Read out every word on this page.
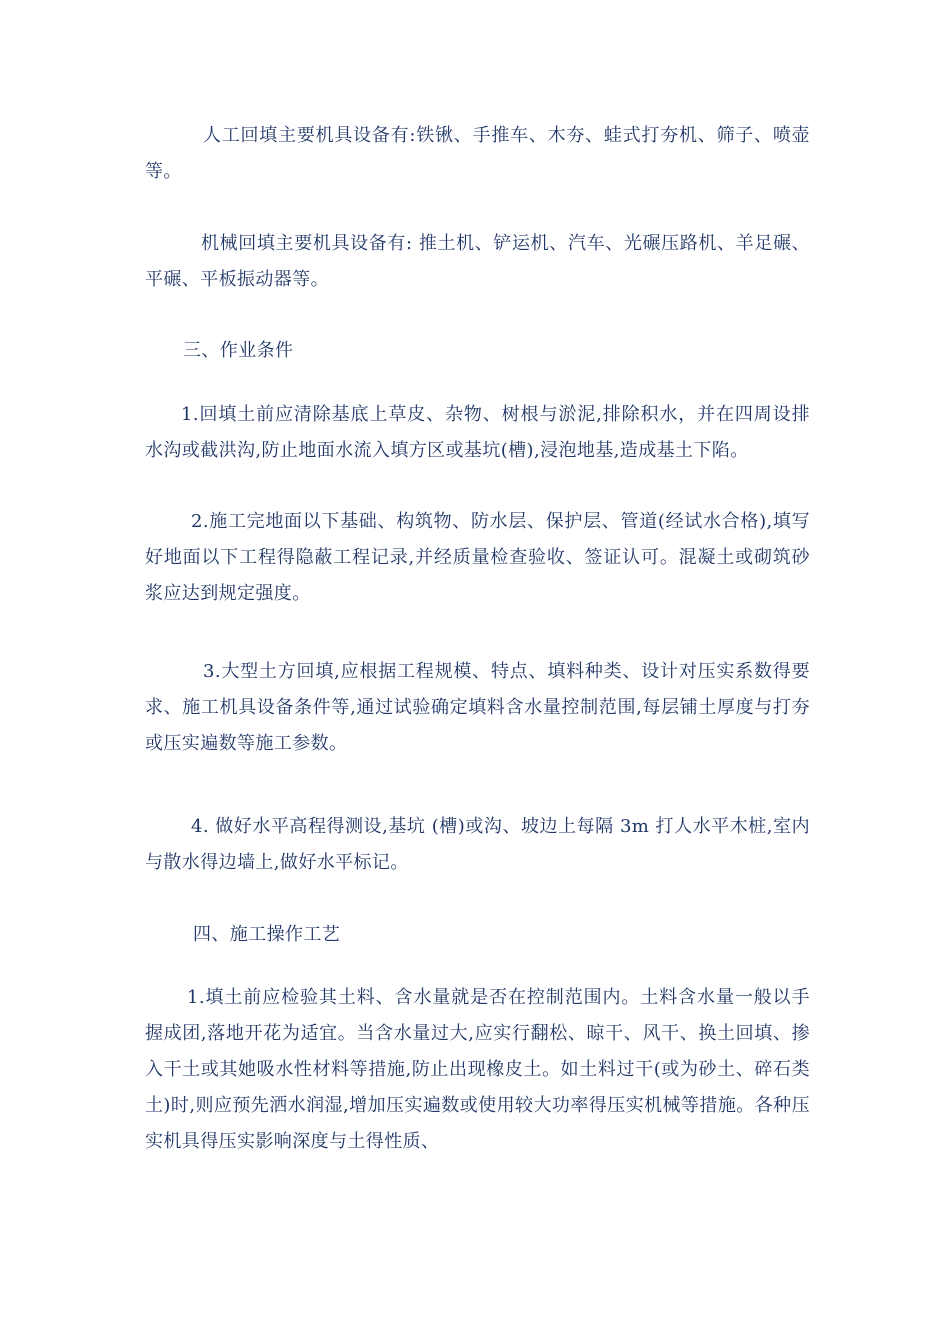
人工回填主要机具设备有:铁锹、手推车、木夯、蛙式打夯机、筛子、喷壶等。

机械回填主要机具设备有: 推土机、铲运机、汽车、光碾压路机、羊足碾、平碾、平板振动器等。

三、作业条件

1.回填土前应清除基底上草皮、杂物、树根与淤泥,排除积水，并在四周设排水沟或截洪沟,防止地面水流入填方区或基坑(槽),浸泡地基,造成基土下陷。

2.施工完地面以下基础、构筑物、防水层、保护层、管道(经试水合格),填写好地面以下工程得隐蔽工程记录,并经质量检查验收、签证认可。混凝土或砌筑砂浆应达到规定强度。

3.大型土方回填,应根据工程规模、特点、填料种类、设计对压实系数得要求、施工机具设备条件等,通过试验确定填料含水量控制范围,每层铺土厚度与打夯或压实遍数等施工参数。

4. 做好水平高程得测设,基坑 (槽)或沟、坡边上每隔 3m 打人水平木桩,室内与散水得边墙上,做好水平标记。

四、施工操作工艺

1.填土前应检验其土料、含水量就是否在控制范围内。土料含水量一般以手握成团,落地开花为适宜。当含水量过大,应实行翻松、晾干、风干、换土回填、掺入干土或其她吸水性材料等措施,防止出现橡皮土。如土料过干(或为砂土、碎石类土)时,则应预先洒水润湿,增加压实遍数或使用较大功率得压实机械等措施。各种压实机具得压实影响深度与土得性质、
